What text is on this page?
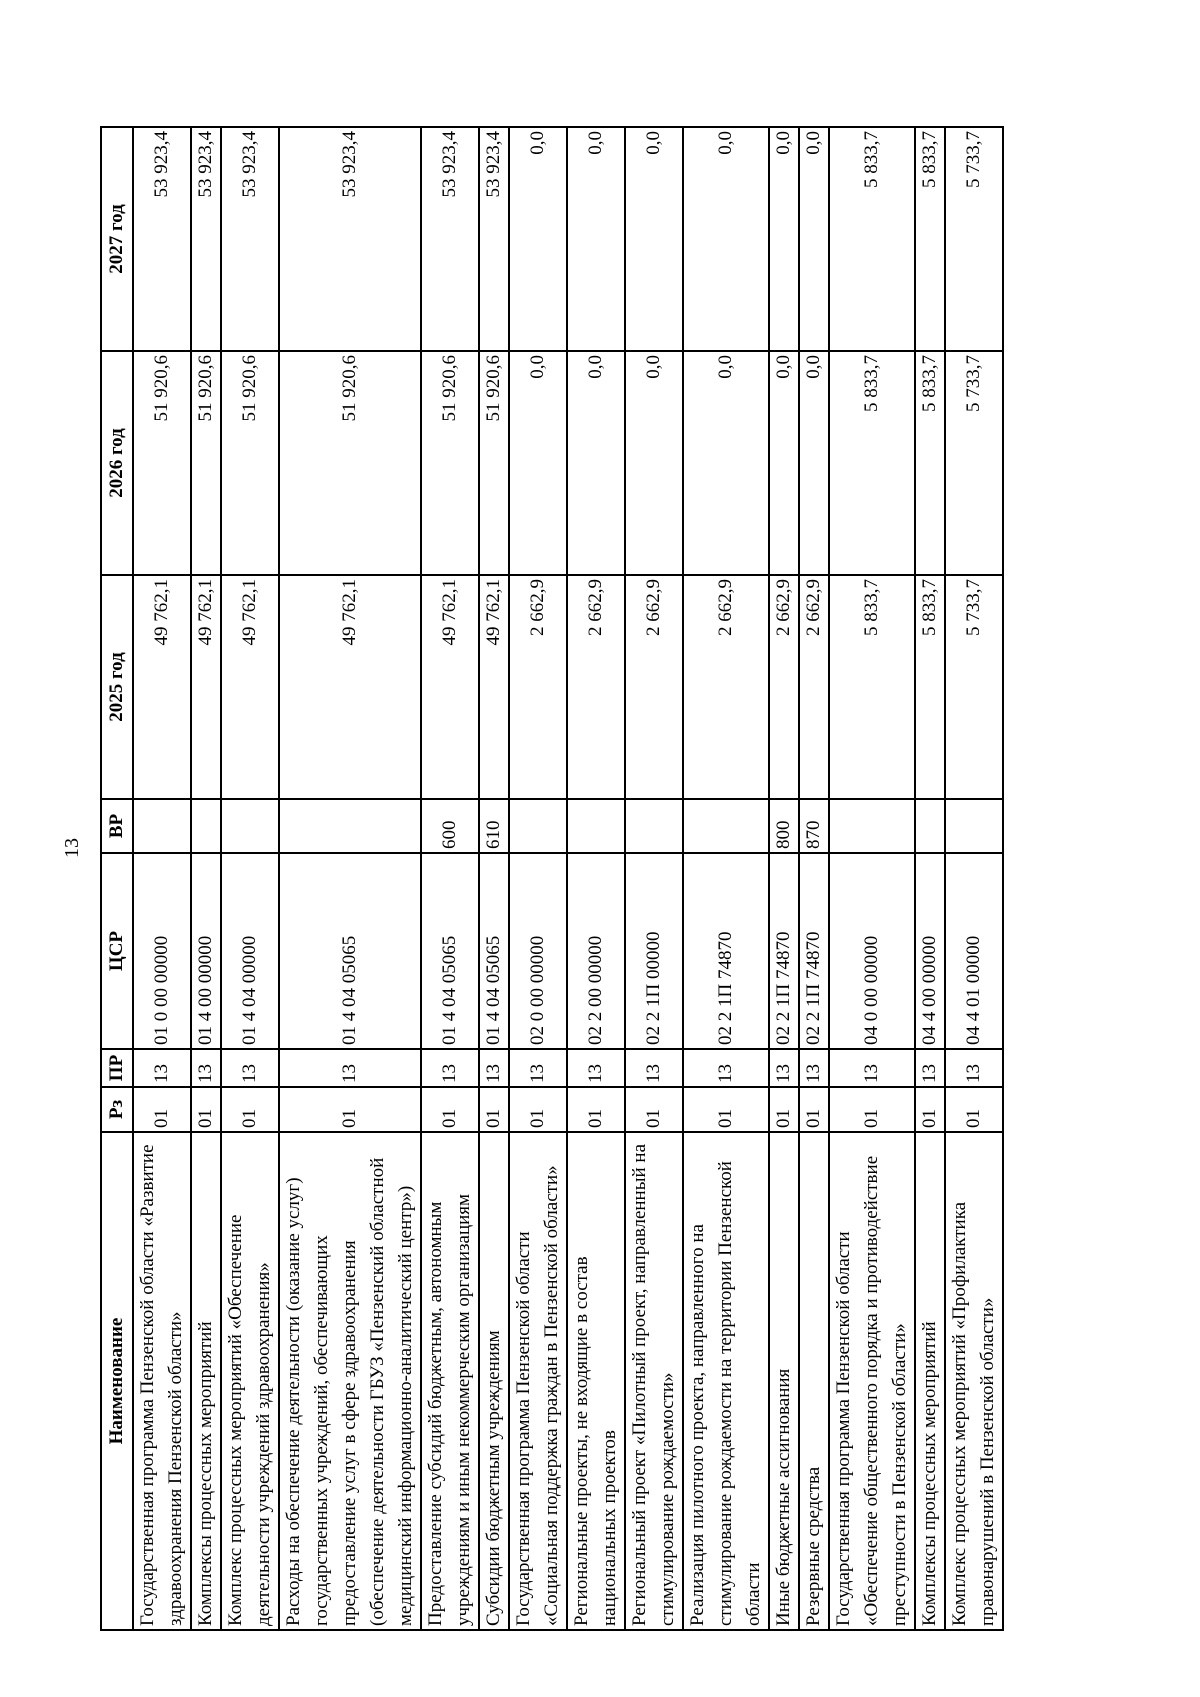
13
Наименование	Рз	ПР	ЦСР	ВР	2025 год	2026 год	2027 год
Государственная программа Пензенской области «Развитие здравоохранения Пензенской области»	01	13	01 0 00 00000		49 762,1	51 920,6	53 923,4
Комплексы процессных мероприятий	01	13	01 4 00 00000		49 762,1	51 920,6	53 923,4
Комплекс процессных мероприятий «Обеспечение деятельности учреждений здравоохранения»	01	13	01 4 04 00000		49 762,1	51 920,6	53 923,4
Расходы на обеспечение деятельности (оказание услуг) государственных учреждений, обеспечивающих предоставление услуг в сфере здравоохранения (обеспечение деятельности ГБУЗ «Пензенский областной медицинский информационно-аналитический центр»)	01	13	01 4 04 05065		49 762,1	51 920,6	53 923,4
Предоставление субсидий бюджетным, автономным учреждениям и иным некоммерческим организациям	01	13	01 4 04 05065	600	49 762,1	51 920,6	53 923,4
Субсидии бюджетным учреждениям	01	13	01 4 04 05065	610	49 762,1	51 920,6	53 923,4
Государственная программа Пензенской области «Социальная поддержка граждан в Пензенской области»	01	13	02 0 00 00000		2 662,9	0,0	0,0
Региональные проекты, не входящие в состав национальных проектов	01	13	02 2 00 00000		2 662,9	0,0	0,0
Региональный проект «Пилотный проект, направленный на стимулирование рождаемости»	01	13	02 2 1П 00000		2 662,9	0,0	0,0
Реализация пилотного проекта, направленного на стимулирование рождаемости на территории Пензенской области	01	13	02 2 1П 74870		2 662,9	0,0	0,0
Иные бюджетные ассигнования	01	13	02 2 1П 74870	800	2 662,9	0,0	0,0
Резервные средства	01	13	02 2 1П 74870	870	2 662,9	0,0	0,0
Государственная программа Пензенской области «Обеспечение общественного порядка и противодействие преступности в Пензенской области»	01	13	04 0 00 00000		5 833,7	5 833,7	5 833,7
Комплексы процессных мероприятий	01	13	04 4 00 00000		5 833,7	5 833,7	5 833,7
Комплекс процессных мероприятий «Профилактика правонарушений в Пензенской области»	01	13	04 4 01 00000		5 733,7	5 733,7	5 733,7
